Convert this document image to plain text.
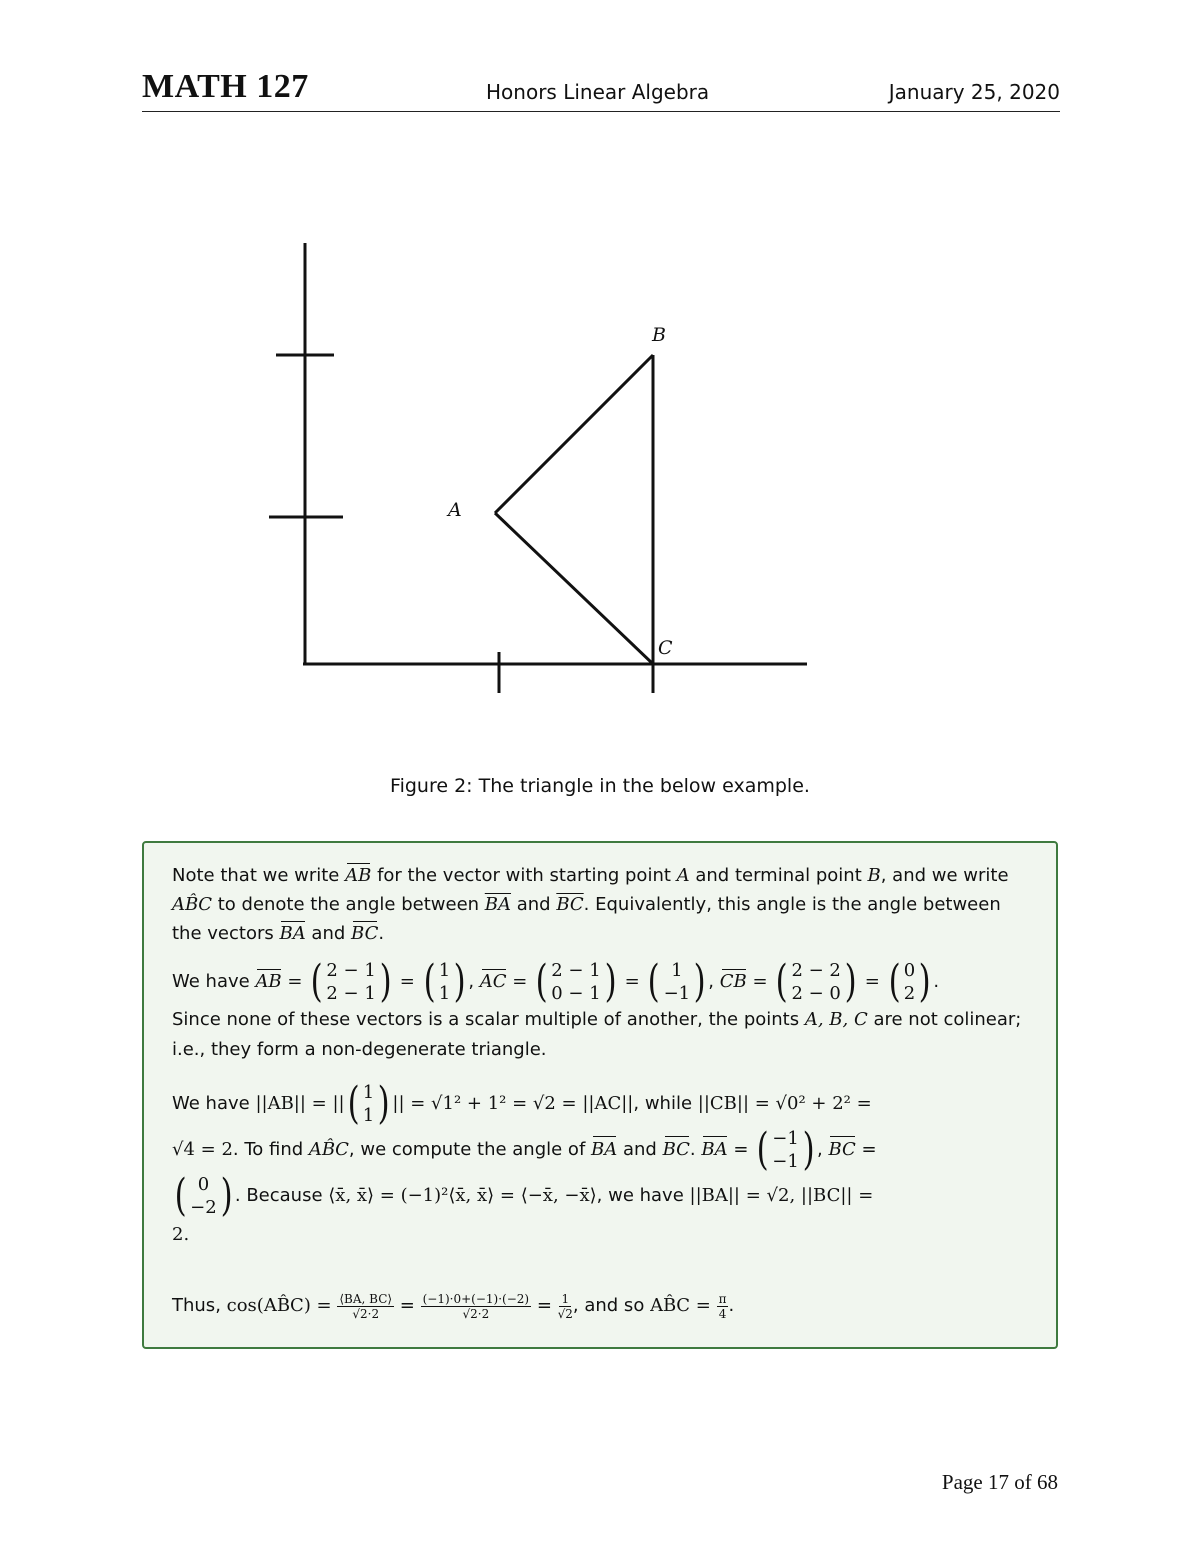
MATH 127	Honors Linear Algebra	January 25, 2020
A
B
C
Figure 2: The triangle in the below example.

Note that we write AB for the vector with starting point A and terminal point B, and we write AB̂C to denote the angle between $\overline{BA}$ and $\overline{BC}$. Equivalently, this angle is the angle between the vectors BA and BC.

We have AB = ( 2 − 1
2 − 1 ) = ( 1
1 ) , AC = ( 2 − 1
0 − 1 ) = ( 1
−1 ) , CB = ( 2 − 2
2 − 0 ) = ( 0
2 ) .
Since none of these vectors is a scalar multiple of another, the points A, B, C are not colinear; i.e., they form a non-degenerate triangle.

We have ||AB|| = || ( 1
1 ) || = √1² + 1² = √2 = ||AC||, while ||CB|| = √0² + 2² =
√4 = 2. To find AB̂C, we compute the angle of BA and BC. BA = ( −1
−1 ) , BC =

( 0
−2 ) . Because ⟨x̄, x̄⟩ = (−1)²⟨x̄, x̄⟩ = ⟨−x̄, −x̄⟩, we have ||BA|| = √2, ||BC|| =
2.

Thus, cos(AB̂C) = $\frac{⟨BA, BC⟩}{√2\cdot 2} = \frac{(-1)\cdot 0+(-1)\cdot(-2)}{√2\cdot 2} = \frac{1}{√2}$ , and so AB̂C = $\frac{\pi}{4}$ .

Page 17 of 68
